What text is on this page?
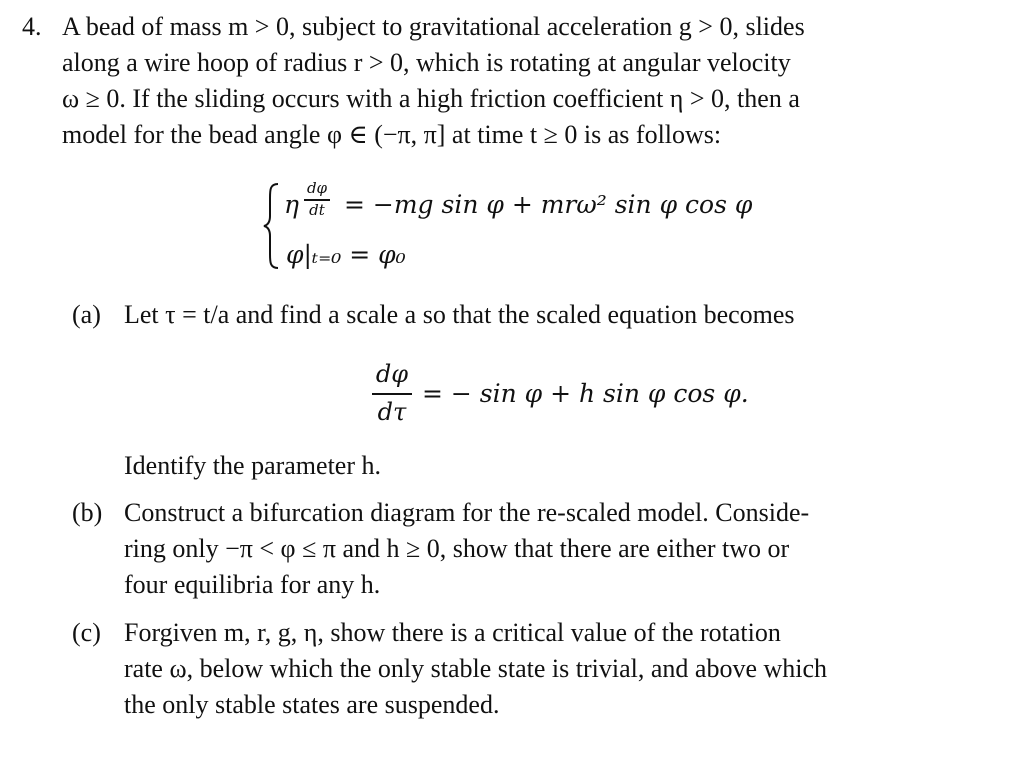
4. A bead of mass m > 0, subject to gravitational acceleration g > 0, slides
along a wire hoop of radius r > 0, which is rotating at angular velocity
ω ≥ 0. If the sliding occurs with a high friction coefficient η > 0, then a
model for the bead angle φ ∈ (−π, π] at time t ≥ 0 is as follows:
η
dφ
dt = −mg sin φ + mrω² sin φ cos φ
φ|ₜ₌₀ = φ₀
(a) Let τ = t/a and find a scale a so that the scaled equation becomes
dφ
dτ
= − sin φ + h sin φ cos φ.
Identify the parameter h.
(b) Construct a bifurcation diagram for the re-scaled model. Conside-
ring only −π < φ ≤ π and h ≥ 0, show that there are either two or
four equilibria for any h.
(c) Forgiven m, r, g, η, show there is a critical value of the rotation
rate ω, below which the only stable state is trivial, and above which
the only stable states are suspended.
